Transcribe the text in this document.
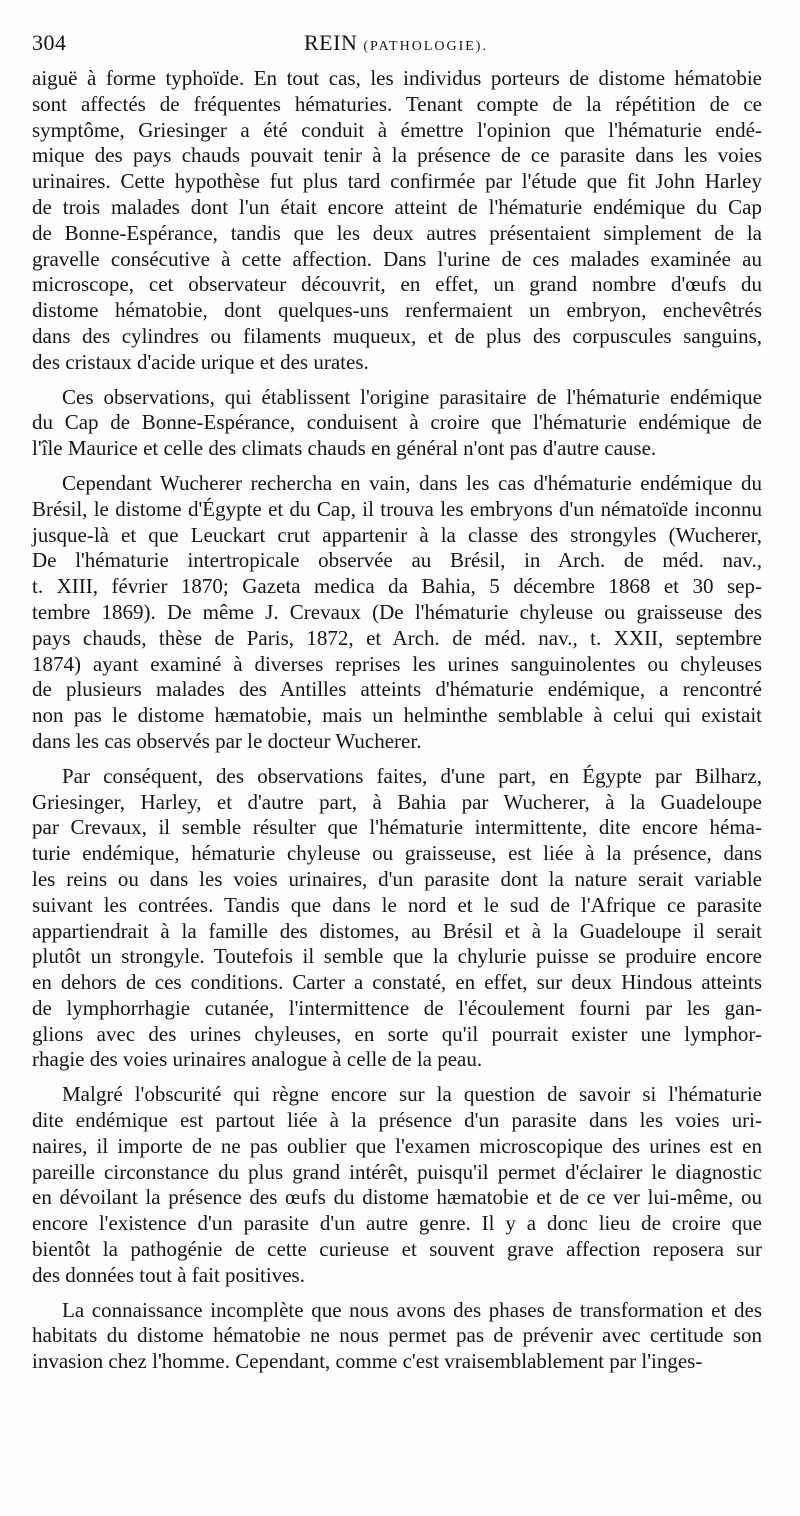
304	REIN (PATHOLOGIE).
aiguë à forme typhoïde. En tout cas, les individus porteurs de distome hématobie
sont affectés de fréquentes hématuries. Tenant compte de la répétition de ce
symptôme, Griesinger a été conduit à émettre l'opinion que l'hématurie endé-
mique des pays chauds pouvait tenir à la présence de ce parasite dans les voies
urinaires. Cette hypothèse fut plus tard confirmée par l'étude que fit John Harley
de trois malades dont l'un était encore atteint de l'hématurie endémique du Cap
de Bonne-Espérance, tandis que les deux autres présentaient simplement de la
gravelle consécutive à cette affection. Dans l'urine de ces malades examinée au
microscope, cet observateur découvrit, en effet, un grand nombre d'œufs du
distome hématobie, dont quelques-uns renfermaient un embryon, enchevêtrés
dans des cylindres ou filaments muqueux, et de plus des corpuscules sanguins,
des cristaux d'acide urique et des urates.
Ces observations, qui établissent l'origine parasitaire de l'hématurie endémique
du Cap de Bonne-Espérance, conduisent à croire que l'hématurie endémique de
l'île Maurice et celle des climats chauds en général n'ont pas d'autre cause.
Cependant Wucherer rechercha en vain, dans les cas d'hématurie endémique du
Brésil, le distome d'Égypte et du Cap, il trouva les embryons d'un nématoïde inconnu
jusque-là et que Leuckart crut appartenir à la classe des strongyles (Wucherer,
De l'hématurie intertropicale observée au Brésil, in Arch. de méd. nav.,
t. XIII, février 1870; Gazeta medica da Bahia, 5 décembre 1868 et 30 sep-
tembre 1869). De même J. Crevaux (De l'hématurie chyleuse ou graisseuse des
pays chauds, thèse de Paris, 1872, et Arch. de méd. nav., t. XXII, septembre
1874) ayant examiné à diverses reprises les urines sanguinolentes ou chyleuses
de plusieurs malades des Antilles atteints d'hématurie endémique, a rencontré
non pas le distome hæmatobie, mais un helminthe semblable à celui qui existait
dans les cas observés par le docteur Wucherer.
Par conséquent, des observations faites, d'une part, en Égypte par Bilharz,
Griesinger, Harley, et d'autre part, à Bahia par Wucherer, à la Guadeloupe
par Crevaux, il semble résulter que l'hématurie intermittente, dite encore héma-
turie endémique, hématurie chyleuse ou graisseuse, est liée à la présence, dans
les reins ou dans les voies urinaires, d'un parasite dont la nature serait variable
suivant les contrées. Tandis que dans le nord et le sud de l'Afrique ce parasite
appartiendrait à la famille des distomes, au Brésil et à la Guadeloupe il serait
plutôt un strongyle. Toutefois il semble que la chylurie puisse se produire encore
en dehors de ces conditions. Carter a constaté, en effet, sur deux Hindous atteints
de lymphorrhagie cutanée, l'intermittence de l'écoulement fourni par les gan-
glions avec des urines chyleuses, en sorte qu'il pourrait exister une lymphor-
rhagie des voies urinaires analogue à celle de la peau.
Malgré l'obscurité qui règne encore sur la question de savoir si l'hématurie
dite endémique est partout liée à la présence d'un parasite dans les voies uri-
naires, il importe de ne pas oublier que l'examen microscopique des urines est en
pareille circonstance du plus grand intérêt, puisqu'il permet d'éclairer le diagnostic
en dévoilant la présence des œufs du distome hæmatobie et de ce ver lui-même, ou
encore l'existence d'un parasite d'un autre genre. Il y a donc lieu de croire que
bientôt la pathogénie de cette curieuse et souvent grave affection reposera sur
des données tout à fait positives.
La connaissance incomplète que nous avons des phases de transformation et des
habitats du distome hématobie ne nous permet pas de prévenir avec certitude son
invasion chez l'homme. Cependant, comme c'est vraisemblablement par l'inges-
